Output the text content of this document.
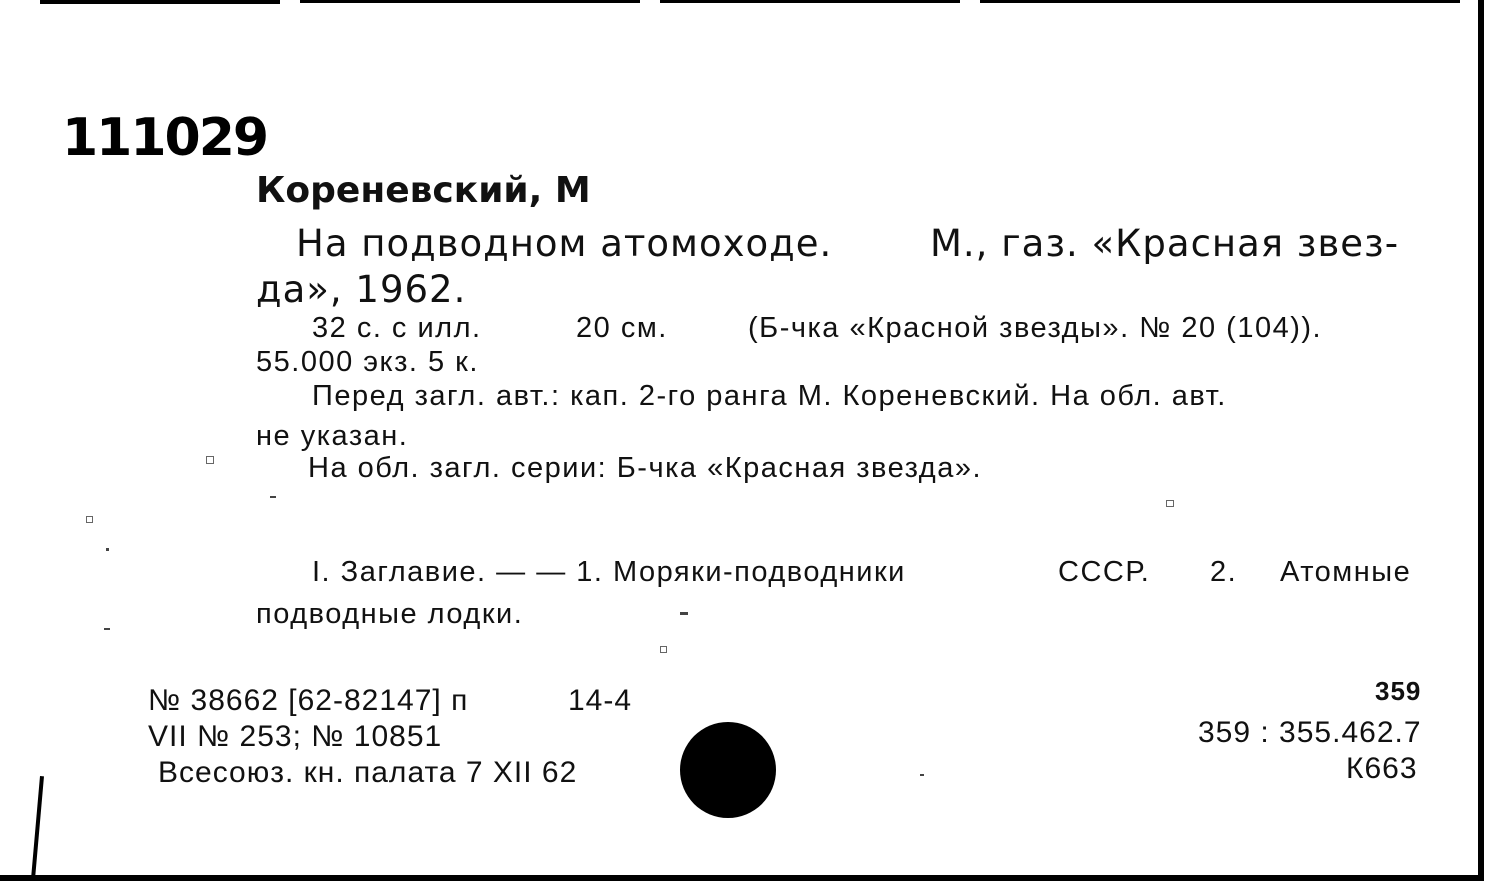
111029
Кореневский, М
На подводном атомоходе.	М., газ. «Красная звез-
да», 1962.
32 с. с илл.	20 см.	(Б-чка «Красной звезды». № 20 (104)).
55.000 экз. 5 к.
Перед загл. авт.: кап. 2-го ранга М. Кореневский. На обл. авт.
не указан.
На обл. загл. серии: Б-чка «Красная звезда».
I. Заглавие. — — 1. Моряки-подводники	СССР. 2. Атомные
подводные лодки.
№ 38662 [62-82147] п	14-4
VII № 253; № 10851
Всесоюз. кн. палата 7 XII 62
359
359 : 355.462.7
К663
